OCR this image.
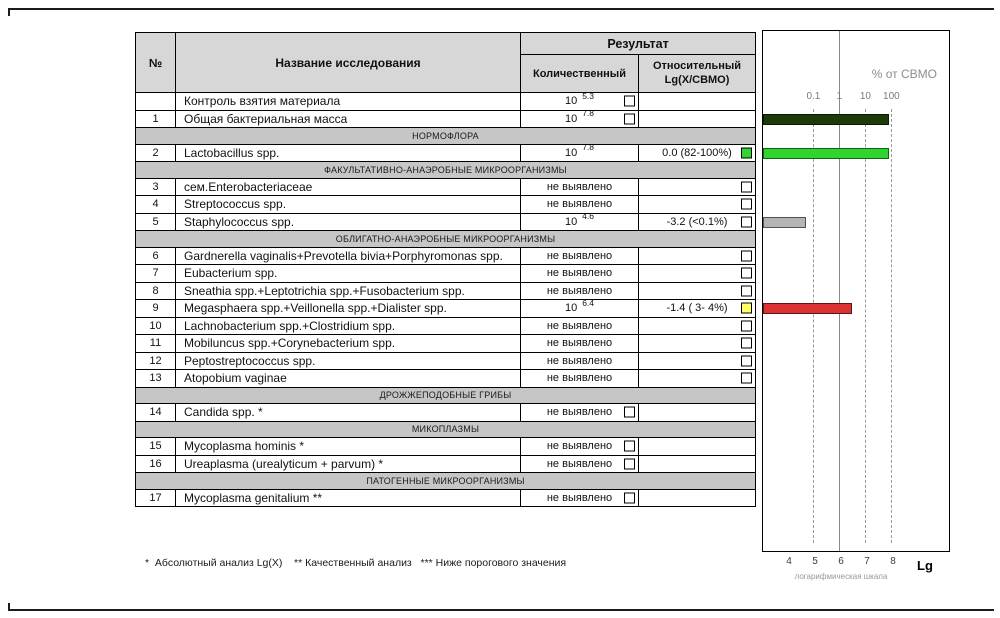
№	Название исследования	Результат	
		Количественный	Относительный Lg(X/СВМО)
	Контроль взятия материала	10 $^{5.3}$

1	Общая бактериальная масса	10 $^{7.8}$

НОРМОФЛОРА			
2	Lactobacillus spp.	10 $^{7.8}$	0.0 (82-100%)

ФАКУЛЬТАТИВНО-АНАЭРОБНЫЕ МИКРООРГАНИЗМЫ			
3	сем.Enterobacteriaceae	не выявлено	

4	Streptococcus spp.	не выявлено	

5	Staphylococcus spp.	10 $^{4.6}$	-3.2 (<0.1%)

ОБЛИГАТНО-АНАЭРОБНЫЕ МИКРООРГАНИЗМЫ			
6	Gardnerella vaginalis+Prevotella bivia+Porphyromonas spp.	не выявлено	

7	Eubacterium spp.	не выявлено	

8	Sneathia spp.+Leptotrichia spp.+Fusobacterium spp.	не выявлено	

9	Megasphaera spp.+Veillonella spp.+Dialister spp.	10 $^{6.4}$	-1.4 ( 3- 4%)

10	Lachnobacterium spp.+Clostridium spp.	не выявлено	

11	Mobiluncus spp.+Corynebacterium spp.	не выявлено	

12	Peptostreptococcus spp.	не выявлено	

13	Atopobium vaginae	не выявлено	

ДРОЖЖЕПОДОБНЫЕ ГРИБЫ			
14	Candida spp. *	не выявлено

МИКОПЛАЗМЫ			
15	Mycoplasma hominis *	не выявлено

16	Ureaplasma (urealyticum + parvum) *	не выявлено

ПАТОГЕННЫЕ МИКРООРГАНИЗМЫ			
17	Mycoplasma genitalium **	не выявлено

*  Абсолютный анализ Lg(X)    ** Качественный анализ   *** Ниже порогового значения
% от СВМО
0.1 1 10 100
логарифмическая шкала
Lg
4 5 6 7 8
